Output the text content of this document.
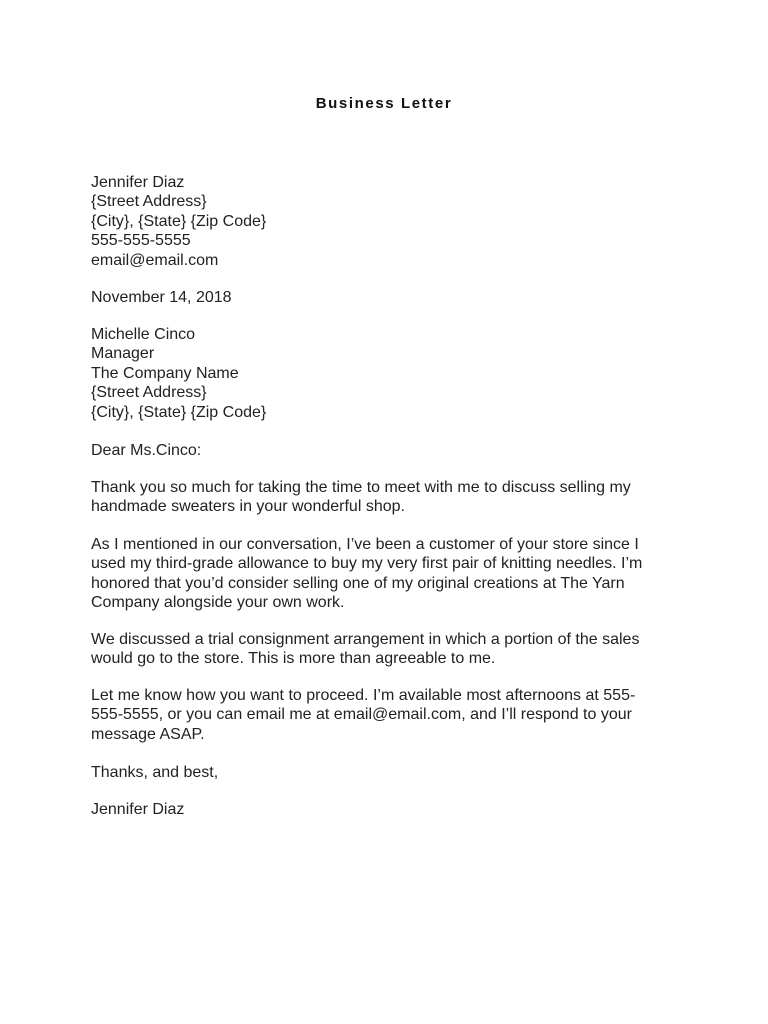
Business Letter
Jennifer Diaz
{Street Address}
{City}, {State} {Zip Code}
555-555-5555
email@email.com
November 14, 2018
Michelle Cinco
Manager
The Company Name
{Street Address}
{City}, {State} {Zip Code}
Dear Ms.Cinco:
Thank you so much for taking the time to meet with me to discuss selling my
handmade sweaters in your wonderful shop.
As I mentioned in our conversation, I’ve been a customer of your store since I
used my third-grade allowance to buy my very first pair of knitting needles. I’m
honored that you’d consider selling one of my original creations at The Yarn
Company alongside your own work.
We discussed a trial consignment arrangement in which a portion of the sales
would go to the store. This is more than agreeable to me.
Let me know how you want to proceed. I’m available most afternoons at 555-
555-5555, or you can email me at email@email.com, and I’ll respond to your
message ASAP.
Thanks, and best,
Jennifer Diaz
